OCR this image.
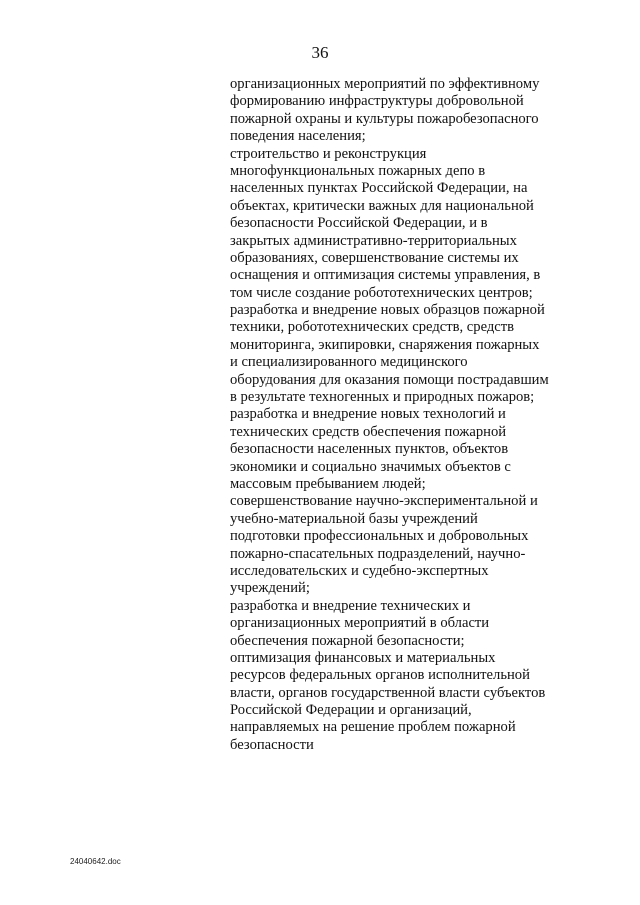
36
организационных мероприятий по эффективному
формированию инфраструктуры добровольной
пожарной охраны и культуры пожаробезопасного
поведения населения;
строительство и реконструкция
многофункциональных пожарных депо в
населенных пунктах Российской Федерации, на
объектах, критически важных для национальной
безопасности Российской Федерации, и в
закрытых административно-территориальных
образованиях, совершенствование системы их
оснащения и оптимизация системы управления, в
том числе создание робототехнических центров;
разработка и внедрение новых образцов пожарной
техники, робототехнических средств, средств
мониторинга, экипировки, снаряжения пожарных
и специализированного медицинского
оборудования для оказания помощи пострадавшим
в результате техногенных и природных пожаров;
разработка и внедрение новых технологий и
технических средств обеспечения пожарной
безопасности населенных пунктов, объектов
экономики и социально значимых объектов с
массовым пребыванием людей;
совершенствование научно-экспериментальной и
учебно-материальной базы учреждений
подготовки профессиональных и добровольных
пожарно-спасательных подразделений, научно-
исследовательских и судебно-экспертных
учреждений;
разработка и внедрение технических и
организационных мероприятий в области
обеспечения пожарной безопасности;
оптимизация финансовых и материальных
ресурсов федеральных органов исполнительной
власти, органов государственной власти субъектов
Российской Федерации и организаций,
направляемых на решение проблем пожарной
безопасности
24040642.doc
